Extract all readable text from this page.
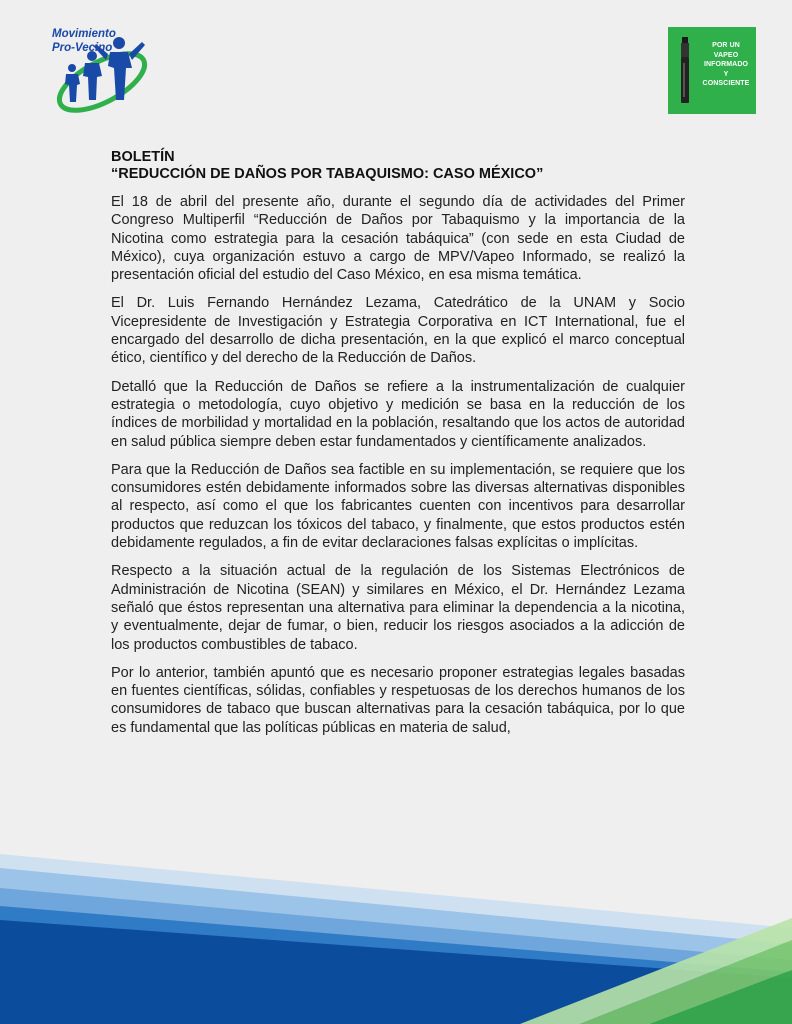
Movimiento
Pro-Vecino	POR UN
VAPEO
INFORMADO
Y
CONSCIENTE
BOLETÍN
“REDUCCIÓN DE DAÑOS POR TABAQUISMO: CASO MÉXICO”

El 18 de abril del presente año, durante el segundo día de actividades del Primer Congreso Multiperfil “Reducción de Daños por Tabaquismo y la importancia de la Nicotina como estrategia para la cesación tabáquica” (con sede en esta Ciudad de México), cuya organización estuvo a cargo de MPV/Vapeo Informado, se realizó la presentación oficial del estudio del Caso México, en esa misma temática.

El Dr. Luis Fernando Hernández Lezama, Catedrático de la UNAM y Socio Vicepresidente de Investigación y Estrategia Corporativa en ICT International, fue el encargado del desarrollo de dicha presentación, en la que explicó el marco conceptual ético, científico y del derecho de la Reducción de Daños.

Detalló que la Reducción de Daños se refiere a la instrumentalización de cualquier estrategia o metodología, cuyo objetivo y medición se basa en la reducción de los índices de morbilidad y mortalidad en la población, resaltando que los actos de autoridad en salud pública siempre deben estar fundamentados y científicamente analizados.

Para que la Reducción de Daños sea factible en su implementación, se requiere que los consumidores estén debidamente informados sobre las diversas alternativas disponibles al respecto, así como el que los fabricantes cuenten con incentivos para desarrollar productos que reduzcan los tóxicos del tabaco, y finalmente, que estos productos estén debidamente regulados, a fin de evitar declaraciones falsas explícitas o implícitas.

Respecto a la situación actual de la regulación de los Sistemas Electrónicos de Administración de Nicotina (SEAN) y similares en México, el Dr. Hernández Lezama señaló que éstos representan una alternativa para eliminar la dependencia a la nicotina, y eventualmente, dejar de fumar, o bien, reducir los riesgos asociados a la adicción de los productos combustibles de tabaco.

Por lo anterior, también apuntó que es necesario proponer estrategias legales basadas en fuentes científicas, sólidas, confiables y respetuosas de los derechos humanos de los consumidores de tabaco que buscan alternativas para la cesación tabáquica, por lo que es fundamental que las políticas públicas en materia de salud,
